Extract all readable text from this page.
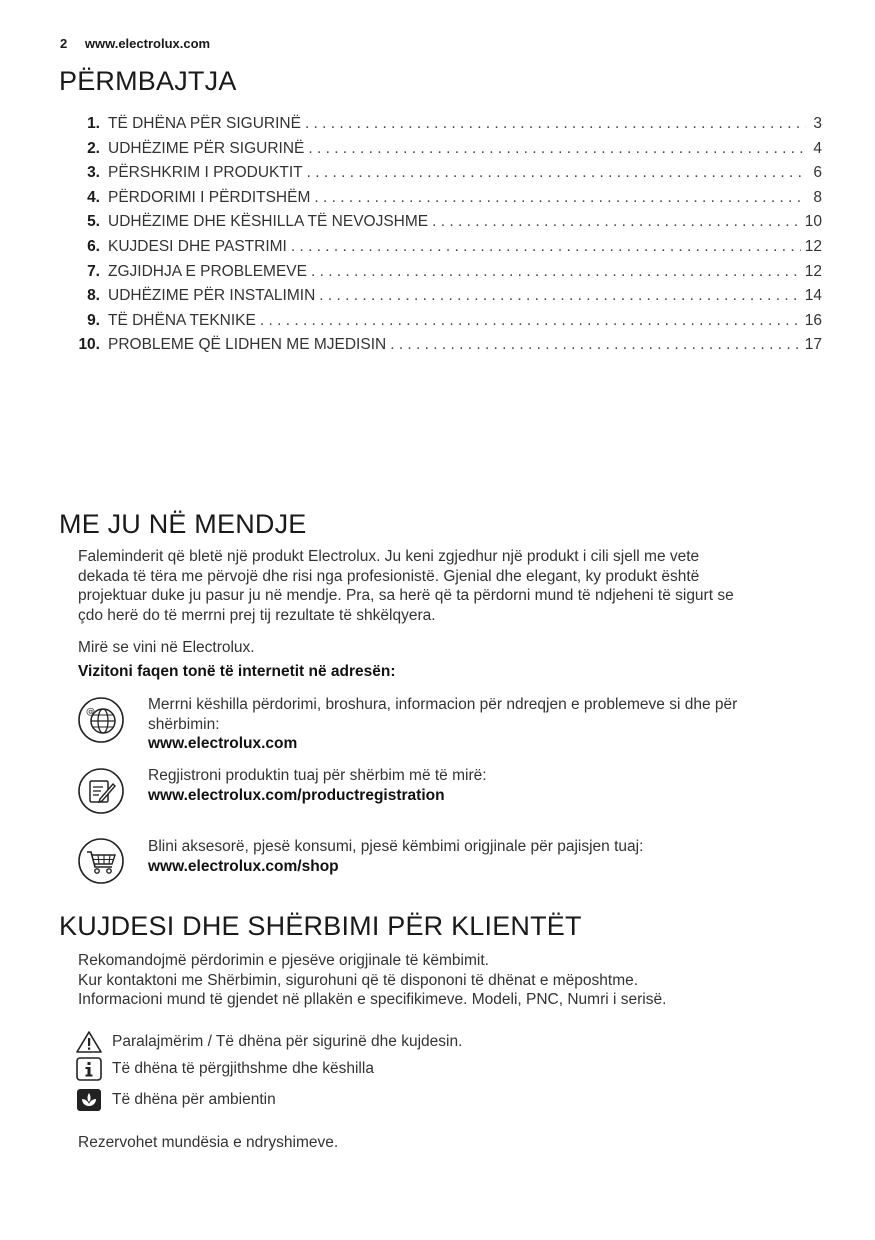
2 www.electrolux.com
PËRMBAJTJA
1. TË DHËNA PËR SIGURINË . . .	3
2. UDHËZIME PËR SIGURINË . . .	4
3. PËRSHKRIM I PRODUKTIT . . .	6
4. PËRDORIMI I PËRDITSHËM . . .	8
5. UDHËZIME DHE KËSHILLA TË NEVOJSHME . . .	10
6. KUJDESI DHE PASTRIMI . . .	12
7. ZGJIDHJA E PROBLEMEVE . . .	12
8. UDHËZIME PËR INSTALIMIN . . .	14
9. TË DHËNA TEKNIKE . . .	16
10. PROBLEME QË LIDHEN ME MJEDISIN . . .	17
ME JU NË MENDJE
Faleminderit që bletë një produkt Electrolux. Ju keni zgjedhur një produkt i cili sjell me vete
dekada të tëra me përvojë dhe risi nga profesionistë. Gjenial dhe elegant, ky produkt është
projektuar duke ju pasur ju në mendje. Pra, sa herë që ta përdorni mund të ndjeheni të sigurt se
çdo herë do të merrni prej tij rezultate të shkëlqyera.
Mirë se vini në Electrolux.
Vizitoni faqen tonë të internetit në adresën:
@	Merrni këshilla përdorimi, broshura, informacion për ndreqjen e problemeve si dhe për
shërbimin:
www.electrolux.com
Regjistroni produktin tuaj për shërbim më të mirë:
www.electrolux.com/productregistration
Blini aksesorë, pjesë konsumi, pjesë këmbimi origjinale për pajisjen tuaj:
www.electrolux.com/shop
KUJDESI DHE SHËRBIMI PËR KLIENTËT
Rekomandojmë përdorimin e pjesëve origjinale të këmbimit.
Kur kontaktoni me Shërbimin, sigurohuni që të dispononi të dhënat e mëposhtme.
Informacioni mund të gjendet në pllakën e specifikimeve. Modeli, PNC, Numri i serisë.
Paralajmërim / Të dhëna për sigurinë dhe kujdesin.
Të dhëna të përgjithshme dhe këshilla
Të dhëna për ambientin
Rezervohet mundësia e ndryshimeve.
